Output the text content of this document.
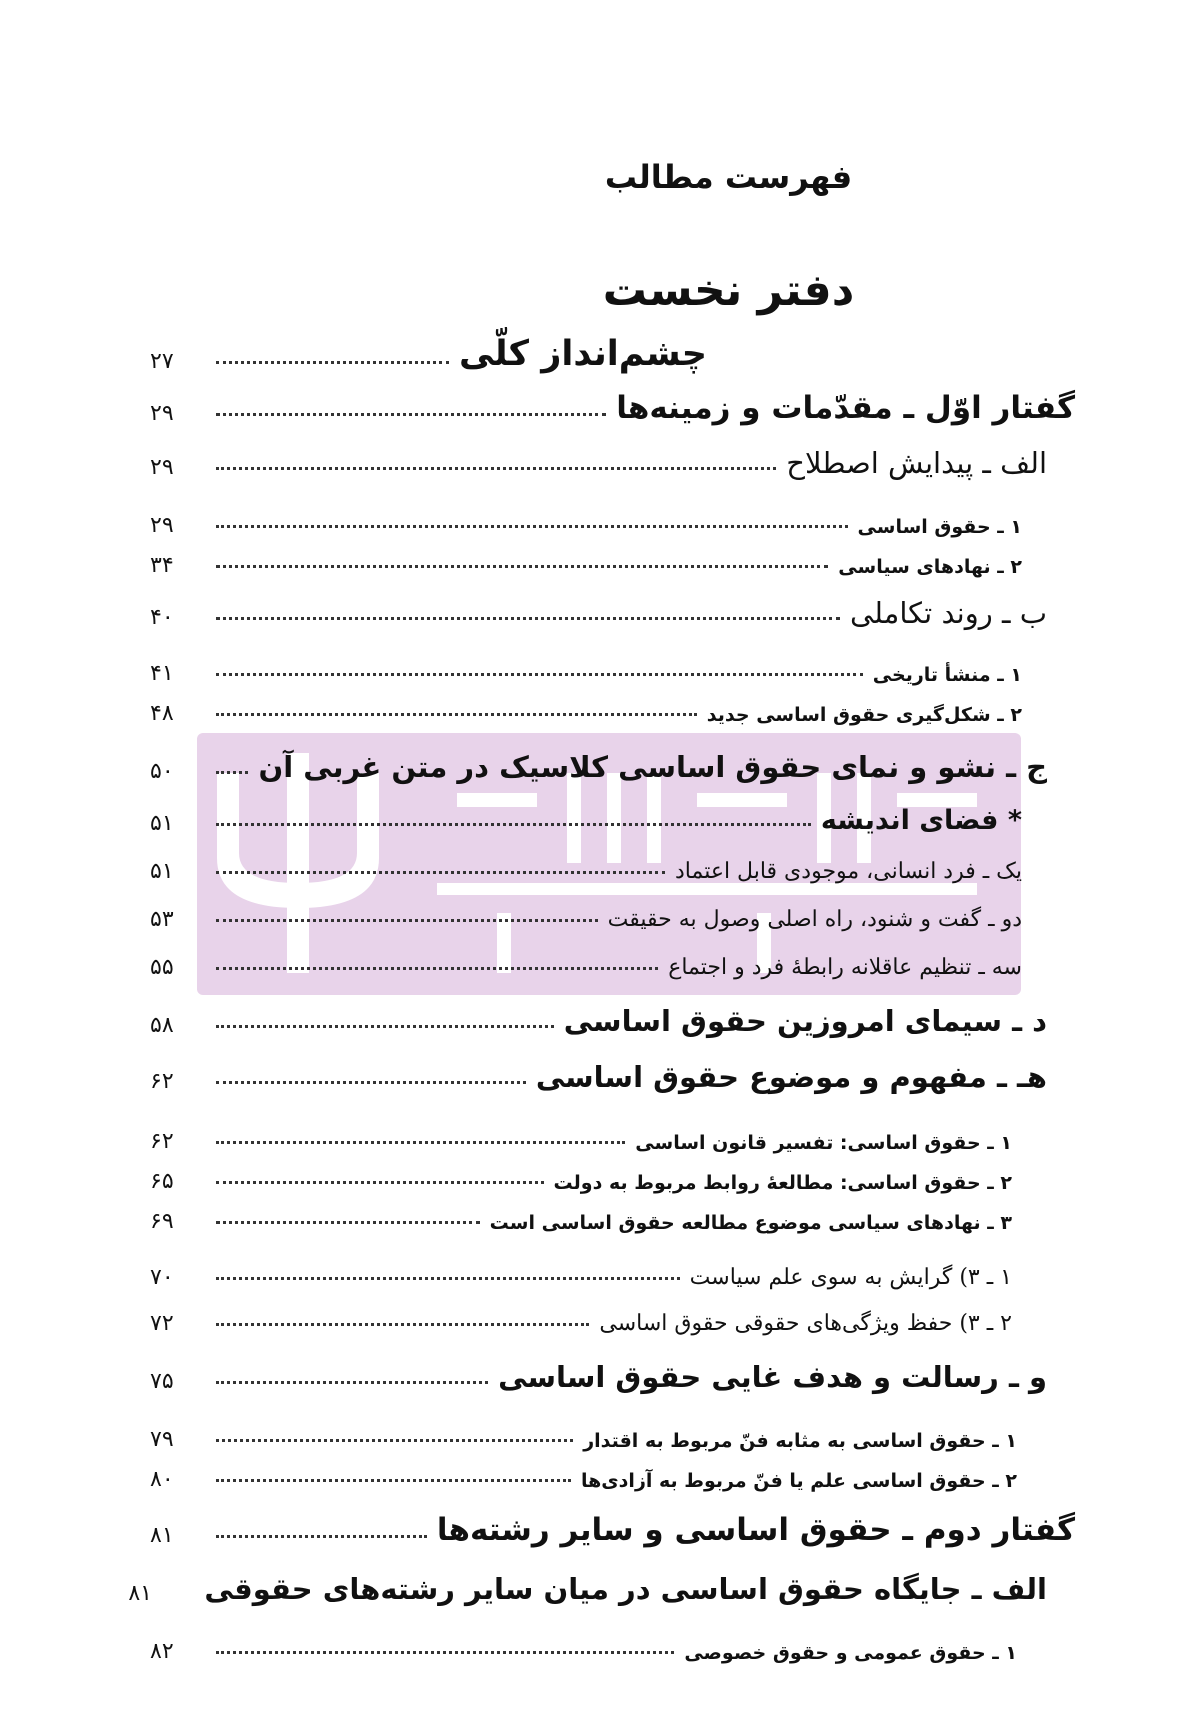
فهرست مطالب
دفتر نخست
چشم‌انداز کلّی
۲۷
گفتار اوّل ـ مقدّمات و زمینه‌ها
۲۹
الف ـ پیدایش اصطلاح
۲۹
۱ ـ حقوق اساسی
۲۹
۲ ـ نهادهای سیاسی
۳۴
ب ـ روند تکاملی
۴۰
۱ ـ منشأ تاریخی
۴۱
۲ ـ شکل‌گیری حقوق اساسی جدید
۴۸
ج ـ نشو و نمای حقوق اساسی کلاسیک در متن غربی آن
۵۰
* فضای اندیشه
۵۱
یک ـ فرد انسانی، موجودی قابل اعتماد
۵۱
دو ـ گفت و شنود، راه اصلی وصول به حقیقت
۵۳
سه ـ تنظیم عاقلانه رابطهٔ فرد و اجتماع
۵۵
د ـ سیمای امروزین حقوق اساسی
۵۸
هـ ـ مفهوم و موضوع حقوق اساسی
۶۲
۱ ـ حقوق اساسی: تفسیر قانون اساسی
۶۲
۲ ـ حقوق اساسی: مطالعهٔ روابط مربوط به دولت
۶۵
۳ ـ نهادهای سیاسی موضوع مطالعه حقوق اساسی است
۶۹
۱ ـ ۳) گرایش به سوی علم سیاست
۷۰
۲ ـ ۳) حفظ ویژگی‌های حقوقی حقوق اساسی
۷۲
و ـ رسالت و هدف غایی حقوق اساسی
۷۵
۱ ـ حقوق اساسی به مثابه فنّ مربوط به اقتدار
۷۹
۲ ـ حقوق اساسی علم یا فنّ مربوط به آزادی‌ها
۸۰
گفتار دوم ـ حقوق اساسی و سایر رشته‌ها
۸۱
الف ـ جایگاه حقوق اساسی در میان سایر رشته‌های حقوقی
۸۱
۱ ـ حقوق عمومی و حقوق خصوصی
۸۲
